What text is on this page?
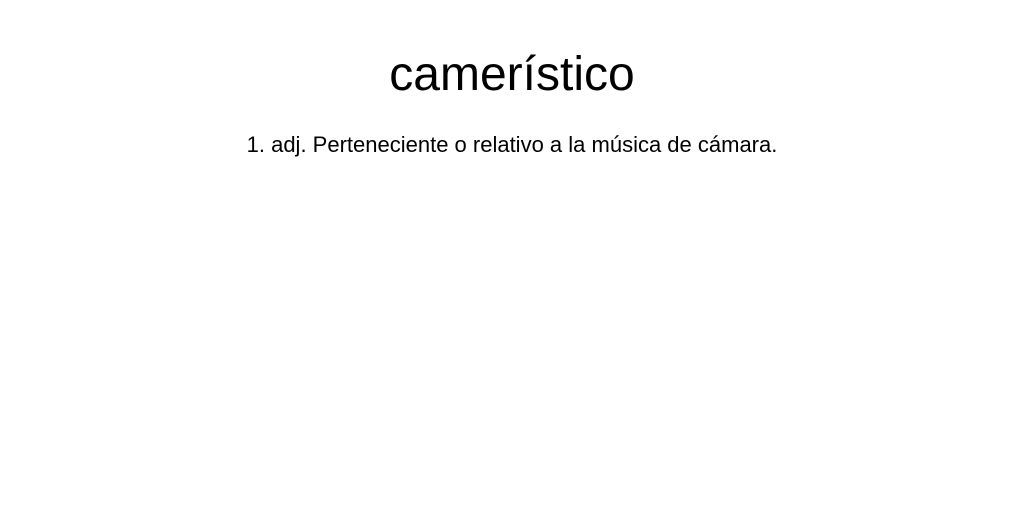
camerístico

1. adj. Perteneciente o relativo a la música de cámara.
